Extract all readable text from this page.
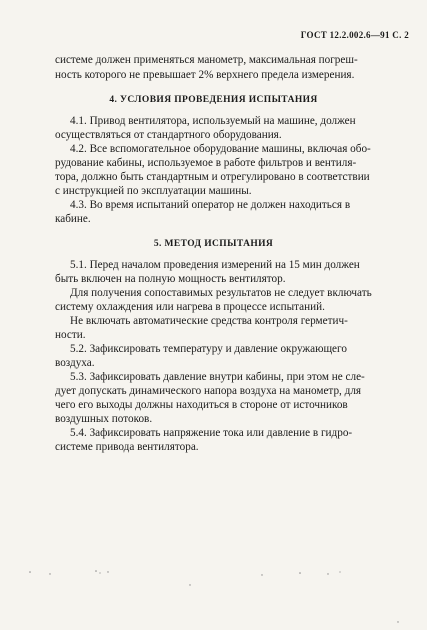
ГОСТ 12.2.002.6—91 С. 2
системе должен применяться манометр, максимальная погреш-
ность которого не превышает 2% верхнего предела измерения.
4. УСЛОВИЯ ПРОВЕДЕНИЯ ИСПЫТАНИЯ
4.1. Привод вентилятора, используемый на машине, должен
осуществляться от стандартного оборудования.
4.2. Все вспомогательное оборудование машины, включая обо-
рудование кабины, используемое в работе фильтров и вентиля-
тора, должно быть стандартным и отрегулировано в соответствии
с инструкцией по эксплуатации машины.
4.3. Во время испытаний оператор не должен находиться в
кабине.
5. МЕТОД ИСПЫТАНИЯ
5.1. Перед началом проведения измерений на 15 мин должен
быть включен на полную мощность вентилятор.
Для получения сопоставимых результатов не следует включать
систему охлаждения или нагрева в процессе испытаний.
Не включать автоматические средства контроля герметич-
ности.
5.2. Зафиксировать температуру и давление окружающего
воздуха.
5.3. Зафиксировать давление внутри кабины, при этом не сле-
дует допускать динамического напора воздуха на манометр, для
чего его выходы должны находиться в стороне от источников
воздушных потоков.
5.4. Зафиксировать напряжение тока или давление в гидро-
системе привода вентилятора.
